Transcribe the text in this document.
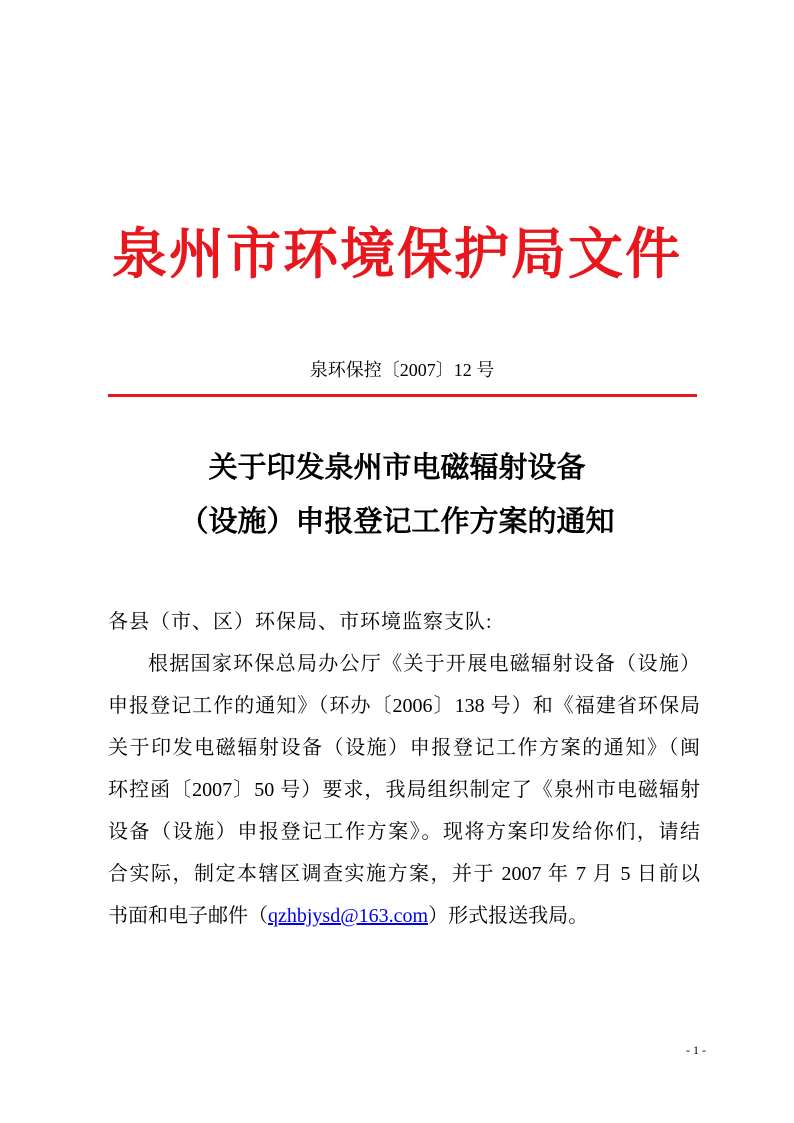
泉州市环境保护局文件
泉环保控〔2007〕12 号
关于印发泉州市电磁辐射设备
（设施）申报登记工作方案的通知
各县（市、区）环保局、市环境监察支队:
根据国家环保总局办公厅《关于开展电磁辐射设备（设施）
申报登记工作的通知》（环办〔2006〕138 号）和《福建省环保局
关于印发电磁辐射设备（设施）申报登记工作方案的通知》（闽
环控函〔2007〕50 号）要求，我局组织制定了《泉州市电磁辐射
设备（设施）申报登记工作方案》。现将方案印发给你们，请结
合实际，制定本辖区调查实施方案，并于 2007 年 7 月 5 日前以
书面和电子邮件（qzhbjysd@163.com）形式报送我局。
- 1 -
